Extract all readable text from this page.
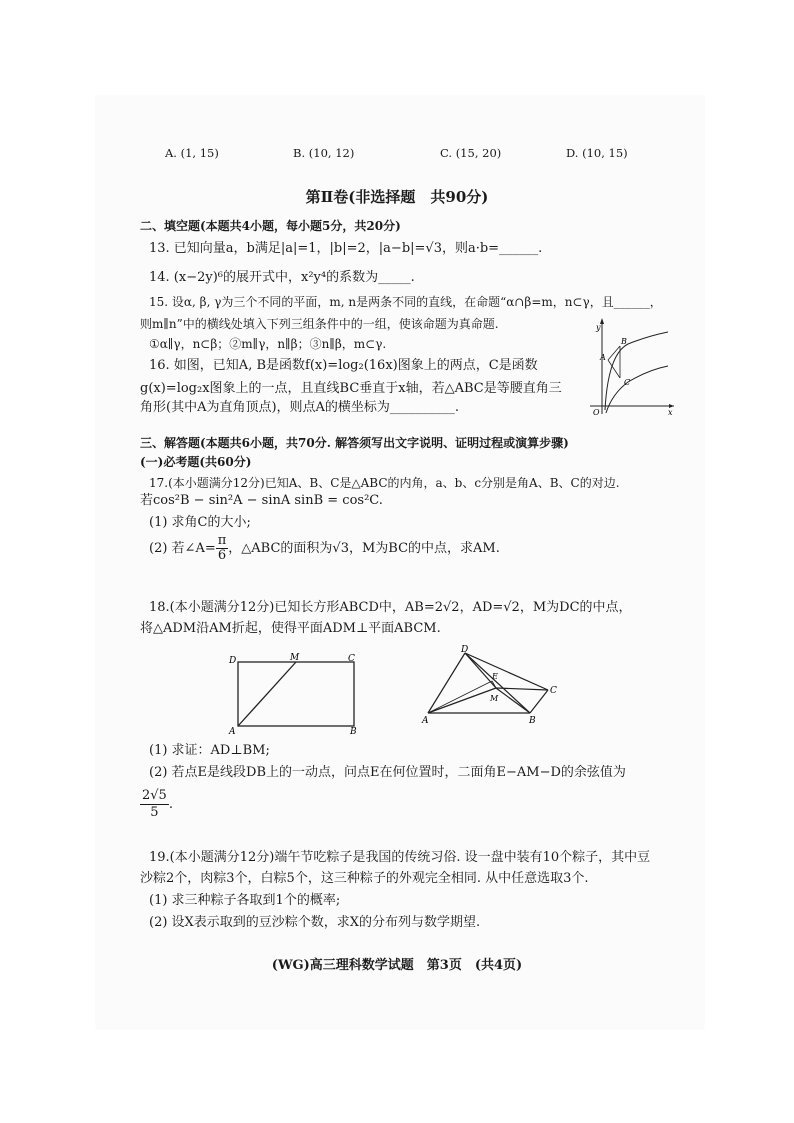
A. (1, 15)	B. (10, 12)	C. (15, 20)	D. (10, 15)
第Ⅱ卷(非选择题　共90分)
二、填空题(本题共4小题，每小题5分，共20分)
13. 已知向量a，b满足|a|=1，|b|=2，|a−b|=√3，则a·b=______.
14. (x−2y)⁶的展开式中，x²y⁴的系数为_____.
15. 设α, β, γ为三个不同的平面，m, n是两条不同的直线，在命题“α∩β=m，n⊂γ，且______，
则m∥n”中的横线处填入下列三组条件中的一组，使该命题为真命题.
①α∥γ，n⊂β；②m∥γ，n∥β；③n∥β，m⊂γ.
16. 如图，已知A, B是函数f(x)=log₂(16x)图象上的两点，C是函数
g(x)=log₂x图象上的一点，且直线BC垂直于x轴，若△ABC是等腰直角三
角形(其中A为直角顶点)，则点A的横坐标为__________.
y
x
O
A
B
C
三、解答题(本题共6小题，共70分. 解答须写出文字说明、证明过程或演算步骤)
(一)必考题(共60分)
17.(本小题满分12分)已知A、B、C是△ABC的内角，a、b、c分别是角A、B、C的对边.
若cos²B − sin²A − sinA sinB = cos²C.
(1) 求角C的大小;
(2) 若∠A= $\frac{\pi}{6}$ ，△ABC的面积为√3，M为BC的中点，求AM.
18.(本小题满分12分)已知长方形ABCD中，AB=2√2，AD=√2，M为DC的中点，
将△ADM沿AM折起，使得平面ADM⊥平面ABCM.
D	M	C
A	B
D
E
M
C
A	B
(1) 求证：AD⊥BM;
(2) 若点E是线段DB上的一动点，问点E在何位置时，二面角E−AM−D的余弦值为
$\frac{2√5}{5}$ .
19.(本小题满分12分)端午节吃粽子是我国的传统习俗. 设一盘中装有10个粽子，其中豆
沙粽2个，肉粽3个，白粽5个，这三种粽子的外观完全相同. 从中任意选取3个.
(1) 求三种粽子各取到1个的概率;
(2) 设X表示取到的豆沙粽个数，求X的分布列与数学期望.
(WG)高三理科数学试题　第3页　(共4页)
